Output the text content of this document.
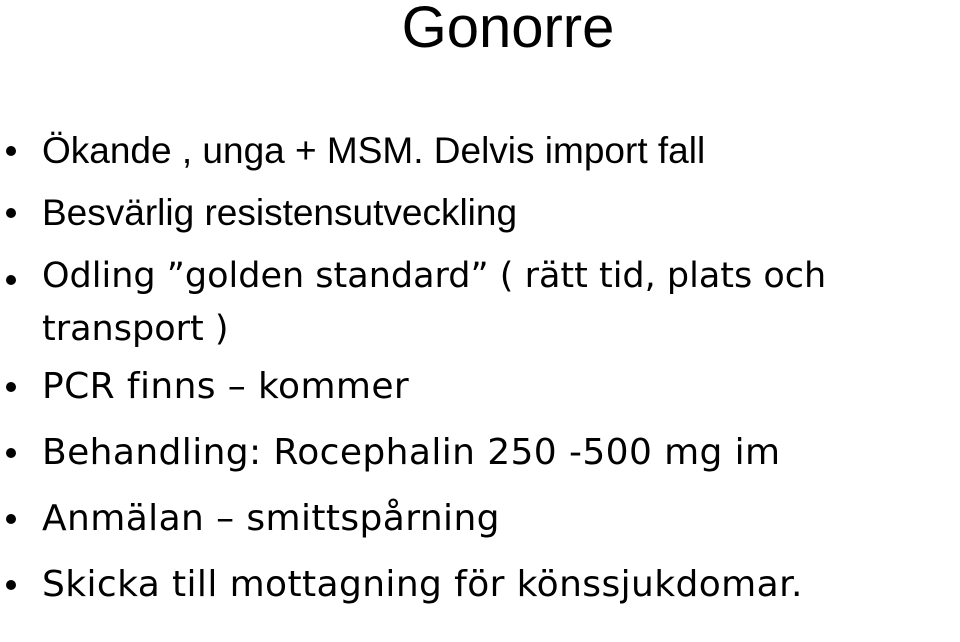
Gonorre
Ökande , unga + MSM. Delvis import fall
Besvärlig resistensutveckling
Odling ”golden standard” ( rätt tid, plats och
transport )
PCR finns – kommer
Behandling: Rocephalin 250 -500 mg im
Anmälan – smittspårning
Skicka till mottagning för könssjukdomar.
